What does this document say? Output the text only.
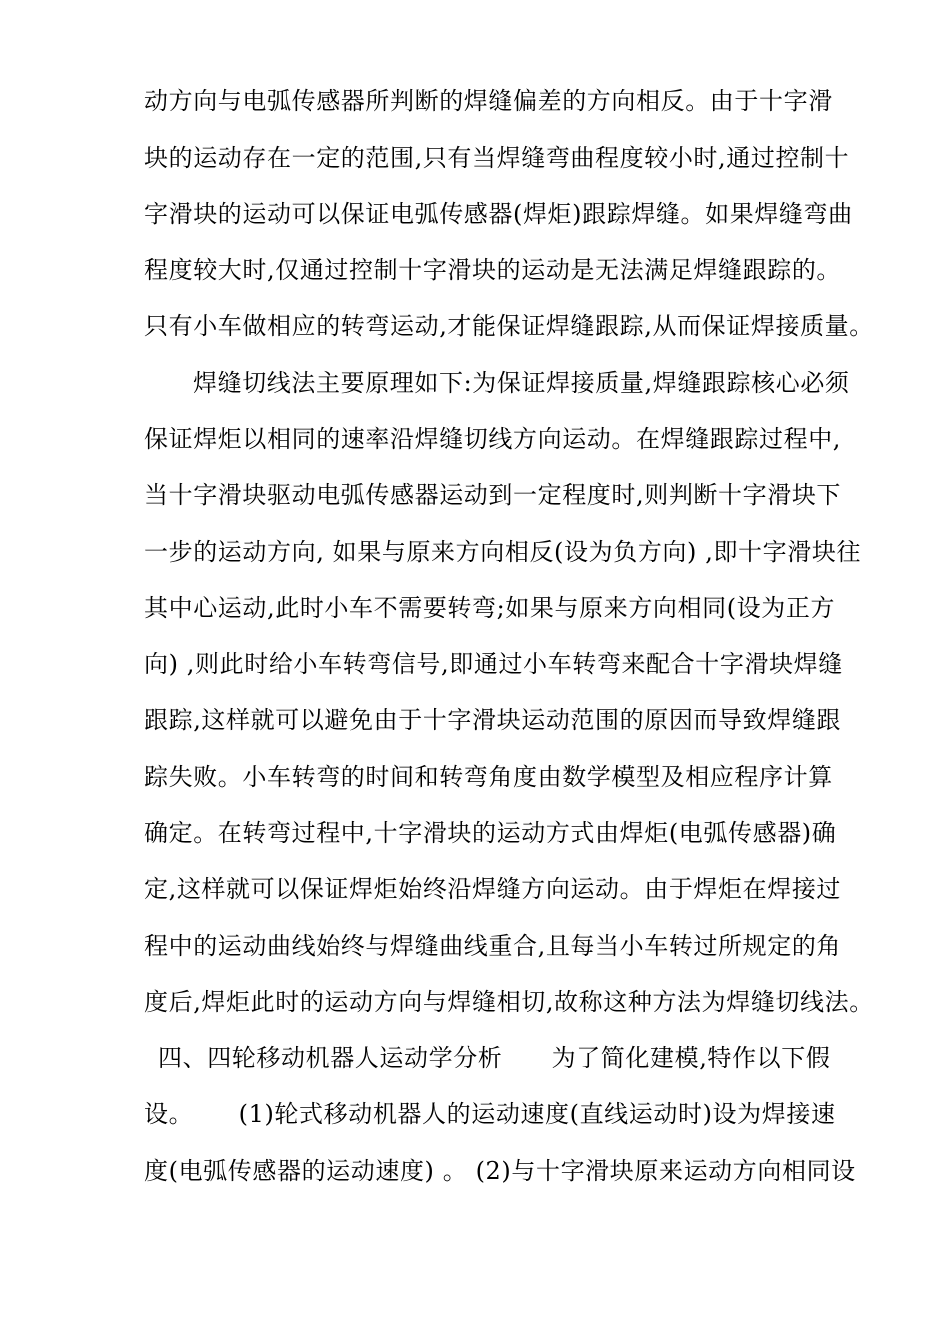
动方向与电弧传感器所判断的焊缝偏差的方向相反。由于十字滑
块的运动存在一定的范围,只有当焊缝弯曲程度较小时,通过控制十
字滑块的运动可以保证电弧传感器(焊炬)跟踪焊缝。如果焊缝弯曲
程度较大时,仅通过控制十字滑块的运动是无法满足焊缝跟踪的。
只有小车做相应的转弯运动,才能保证焊缝跟踪,从而保证焊接质量。
焊缝切线法主要原理如下:为保证焊接质量,焊缝跟踪核心必须
保证焊炬以相同的速率沿焊缝切线方向运动。在焊缝跟踪过程中,
当十字滑块驱动电弧传感器运动到一定程度时,则判断十字滑块下
一步的运动方向, 如果与原来方向相反(设为负方向) ,即十字滑块往
其中心运动,此时小车不需要转弯;如果与原来方向相同(设为正方
向) ,则此时给小车转弯信号,即通过小车转弯来配合十字滑块焊缝
跟踪,这样就可以避免由于十字滑块运动范围的原因而导致焊缝跟
踪失败。小车转弯的时间和转弯角度由数学模型及相应程序计算
确定。在转弯过程中,十字滑块的运动方式由焊炬(电弧传感器)确
定,这样就可以保证焊炬始终沿焊缝方向运动。由于焊炬在焊接过
程中的运动曲线始终与焊缝曲线重合,且每当小车转过所规定的角
度后,焊炬此时的运动方向与焊缝相切,故称这种方法为焊缝切线法。
四、四轮移动机器人运动学分析　　为了简化建模,特作以下假
设。　　 (1)轮式移动机器人的运动速度(直线运动时)设为焊接速
度(电弧传感器的运动速度) 。 (2)与十字滑块原来运动方向相同设
